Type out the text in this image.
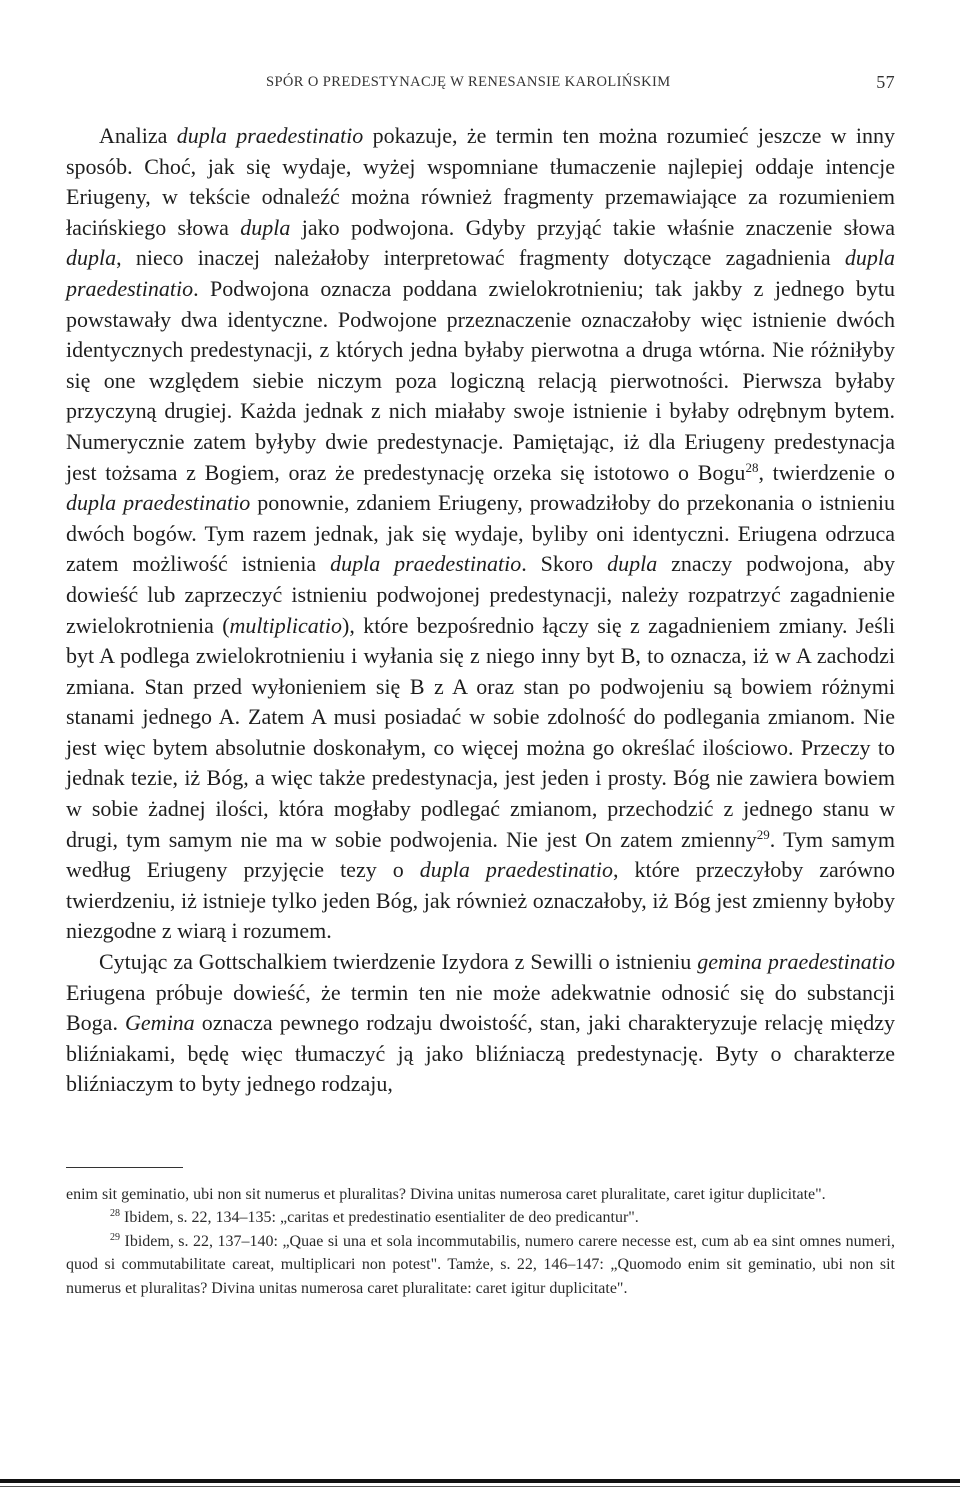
SPÓR O PREDESTYNACJĘ W RENESANSIE KAROLIŃSKIM	57

Analiza dupla praedestinatio pokazuje, że termin ten można rozumieć jeszcze w inny sposób. Choć, jak się wydaje, wyżej wspomniane tłumaczenie najlepiej oddaje intencje Eriugeny, w tekście odnaleźć można również fragmenty przemawiające za rozumieniem łacińskiego słowa dupla jako podwojona. Gdyby przyjąć takie właśnie znaczenie słowa dupla, nieco inaczej należałoby interpretować fragmenty dotyczące zagadnienia dupla praedestinatio. Podwojona oznacza poddana zwielokrotnieniu; tak jakby z jednego bytu powstawały dwa identyczne. Podwojone przeznaczenie oznaczałoby więc istnienie dwóch identycznych predestynacji, z których jedna byłaby pierwotna a druga wtórna. Nie różniłyby się one względem siebie niczym poza logiczną relacją pierwotności. Pierwsza byłaby przyczyną drugiej. Każda jednak z nich miałaby swoje istnienie i byłaby odrębnym bytem. Numerycznie zatem byłyby dwie predestynacje. Pamiętając, iż dla Eriugeny predestynacja jest tożsama z Bogiem, oraz że predestynację orzeka się istotowo o Bogu$^{28}$, twierdzenie o dupla praedestinatio ponownie, zdaniem Eriugeny, prowadziłoby do przekonania o istnieniu dwóch bogów. Tym razem jednak, jak się wydaje, byliby oni identyczni. Eriugena odrzuca zatem możliwość istnienia dupla praedestinatio. Skoro dupla znaczy podwojona, aby dowieść lub zaprzeczyć istnieniu podwojonej predestynacji, należy rozpatrzyć zagadnienie zwielokrotnienia (multiplicatio), które bezpośrednio łączy się z zagadnieniem zmiany. Jeśli byt A podlega zwielokrotnieniu i wyłania się z niego inny byt B, to oznacza, iż w A zachodzi zmiana. Stan przed wyłonieniem się B z A oraz stan po podwojeniu są bowiem różnymi stanami jednego A. Zatem A musi posiadać w sobie zdolność do podlegania zmianom. Nie jest więc bytem absolutnie doskonałym, co więcej można go określać ilościowo. Przeczy to jednak tezie, iż Bóg, a więc także predestynacja, jest jeden i prosty. Bóg nie zawiera bowiem w sobie żadnej ilości, która mogłaby podlegać zmianom, przechodzić z jednego stanu w drugi, tym samym nie ma w sobie podwojenia. Nie jest On zatem zmienny$^{29}$. Tym samym według Eriugeny przyjęcie tezy o dupla praedestinatio, które przeczyłoby zarówno twierdzeniu, iż istnieje tylko jeden Bóg, jak również oznaczałoby, iż Bóg jest zmienny byłoby niezgodne z wiarą i rozumem.

Cytując za Gottschalkiem twierdzenie Izydora z Sewilli o istnieniu gemina praedestinatio Eriugena próbuje dowieść, że termin ten nie może adekwatnie odnosić się do substancji Boga. Gemina oznacza pewnego rodzaju dwoistość, stan, jaki charakteryzuje relację między bliźniakami, będę więc tłumaczyć ją jako bliźniaczą predestynację. Byty o charakterze bliźniaczym to byty jednego rodzaju,

enim sit geminatio, ubi non sit numerus et pluralitas? Divina unitas numerosa caret pluralitate, caret igitur duplicitate".

$^{28}$ Ibidem, s. 22, 134–135: „caritas et predestinatio esentialiter de deo predicantur".

$^{29}$ Ibidem, s. 22, 137–140: „Quae si una et sola incommutabilis, numero carere necesse est, cum ab ea sint omnes numeri, quod si commutabilitate careat, multiplicari non potest". Tamże, s. 22, 146–147: „Quomodo enim sit geminatio, ubi non sit numerus et pluralitas? Divina unitas numerosa caret pluralitate: caret igitur duplicitate".
